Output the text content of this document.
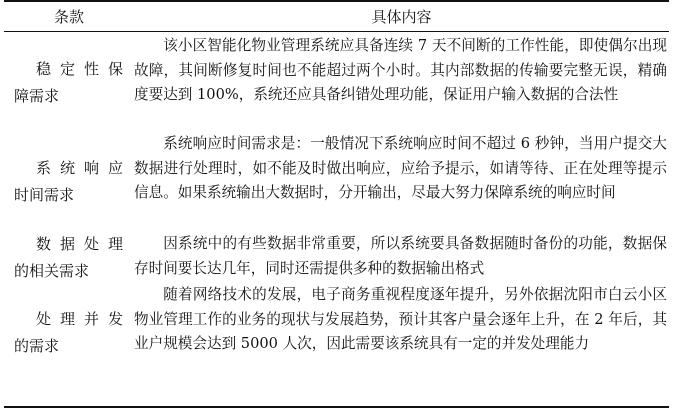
条款	具体内容
稳定性保
障需求
该小区智能化物业管理系统应具备连续 7 天不间断的工作性能，即使偶尔出现故障，其间断修复时间也不能超过两个小时。其内部数据的传输要完整无误，精确度要达到 100%，系统还应具备纠错处理功能，保证用户输入数据的合法性
系统响应
时间需求
系统响应时间需求是：一般情况下系统响应时间不超过 6 秒钟，当用户提交大数据进行处理时，如不能及时做出响应，应给予提示，如请等待、正在处理等提示信息。如果系统输出大数据时，分开输出，尽最大努力保障系统的响应时间
数据处理
的相关需求
因系统中的有些数据非常重要，所以系统要具备数据随时备份的功能，数据保存时间要长达几年，同时还需提供多种的数据输出格式
处理并发
的需求
随着网络技术的发展，电子商务重视程度逐年提升，另外依据沈阳市白云小区物业管理工作的业务的现状与发展趋势，预计其客户量会逐年上升，在 2 年后，其业户规模会达到 5000 人次，因此需要该系统具有一定的并发处理能力
